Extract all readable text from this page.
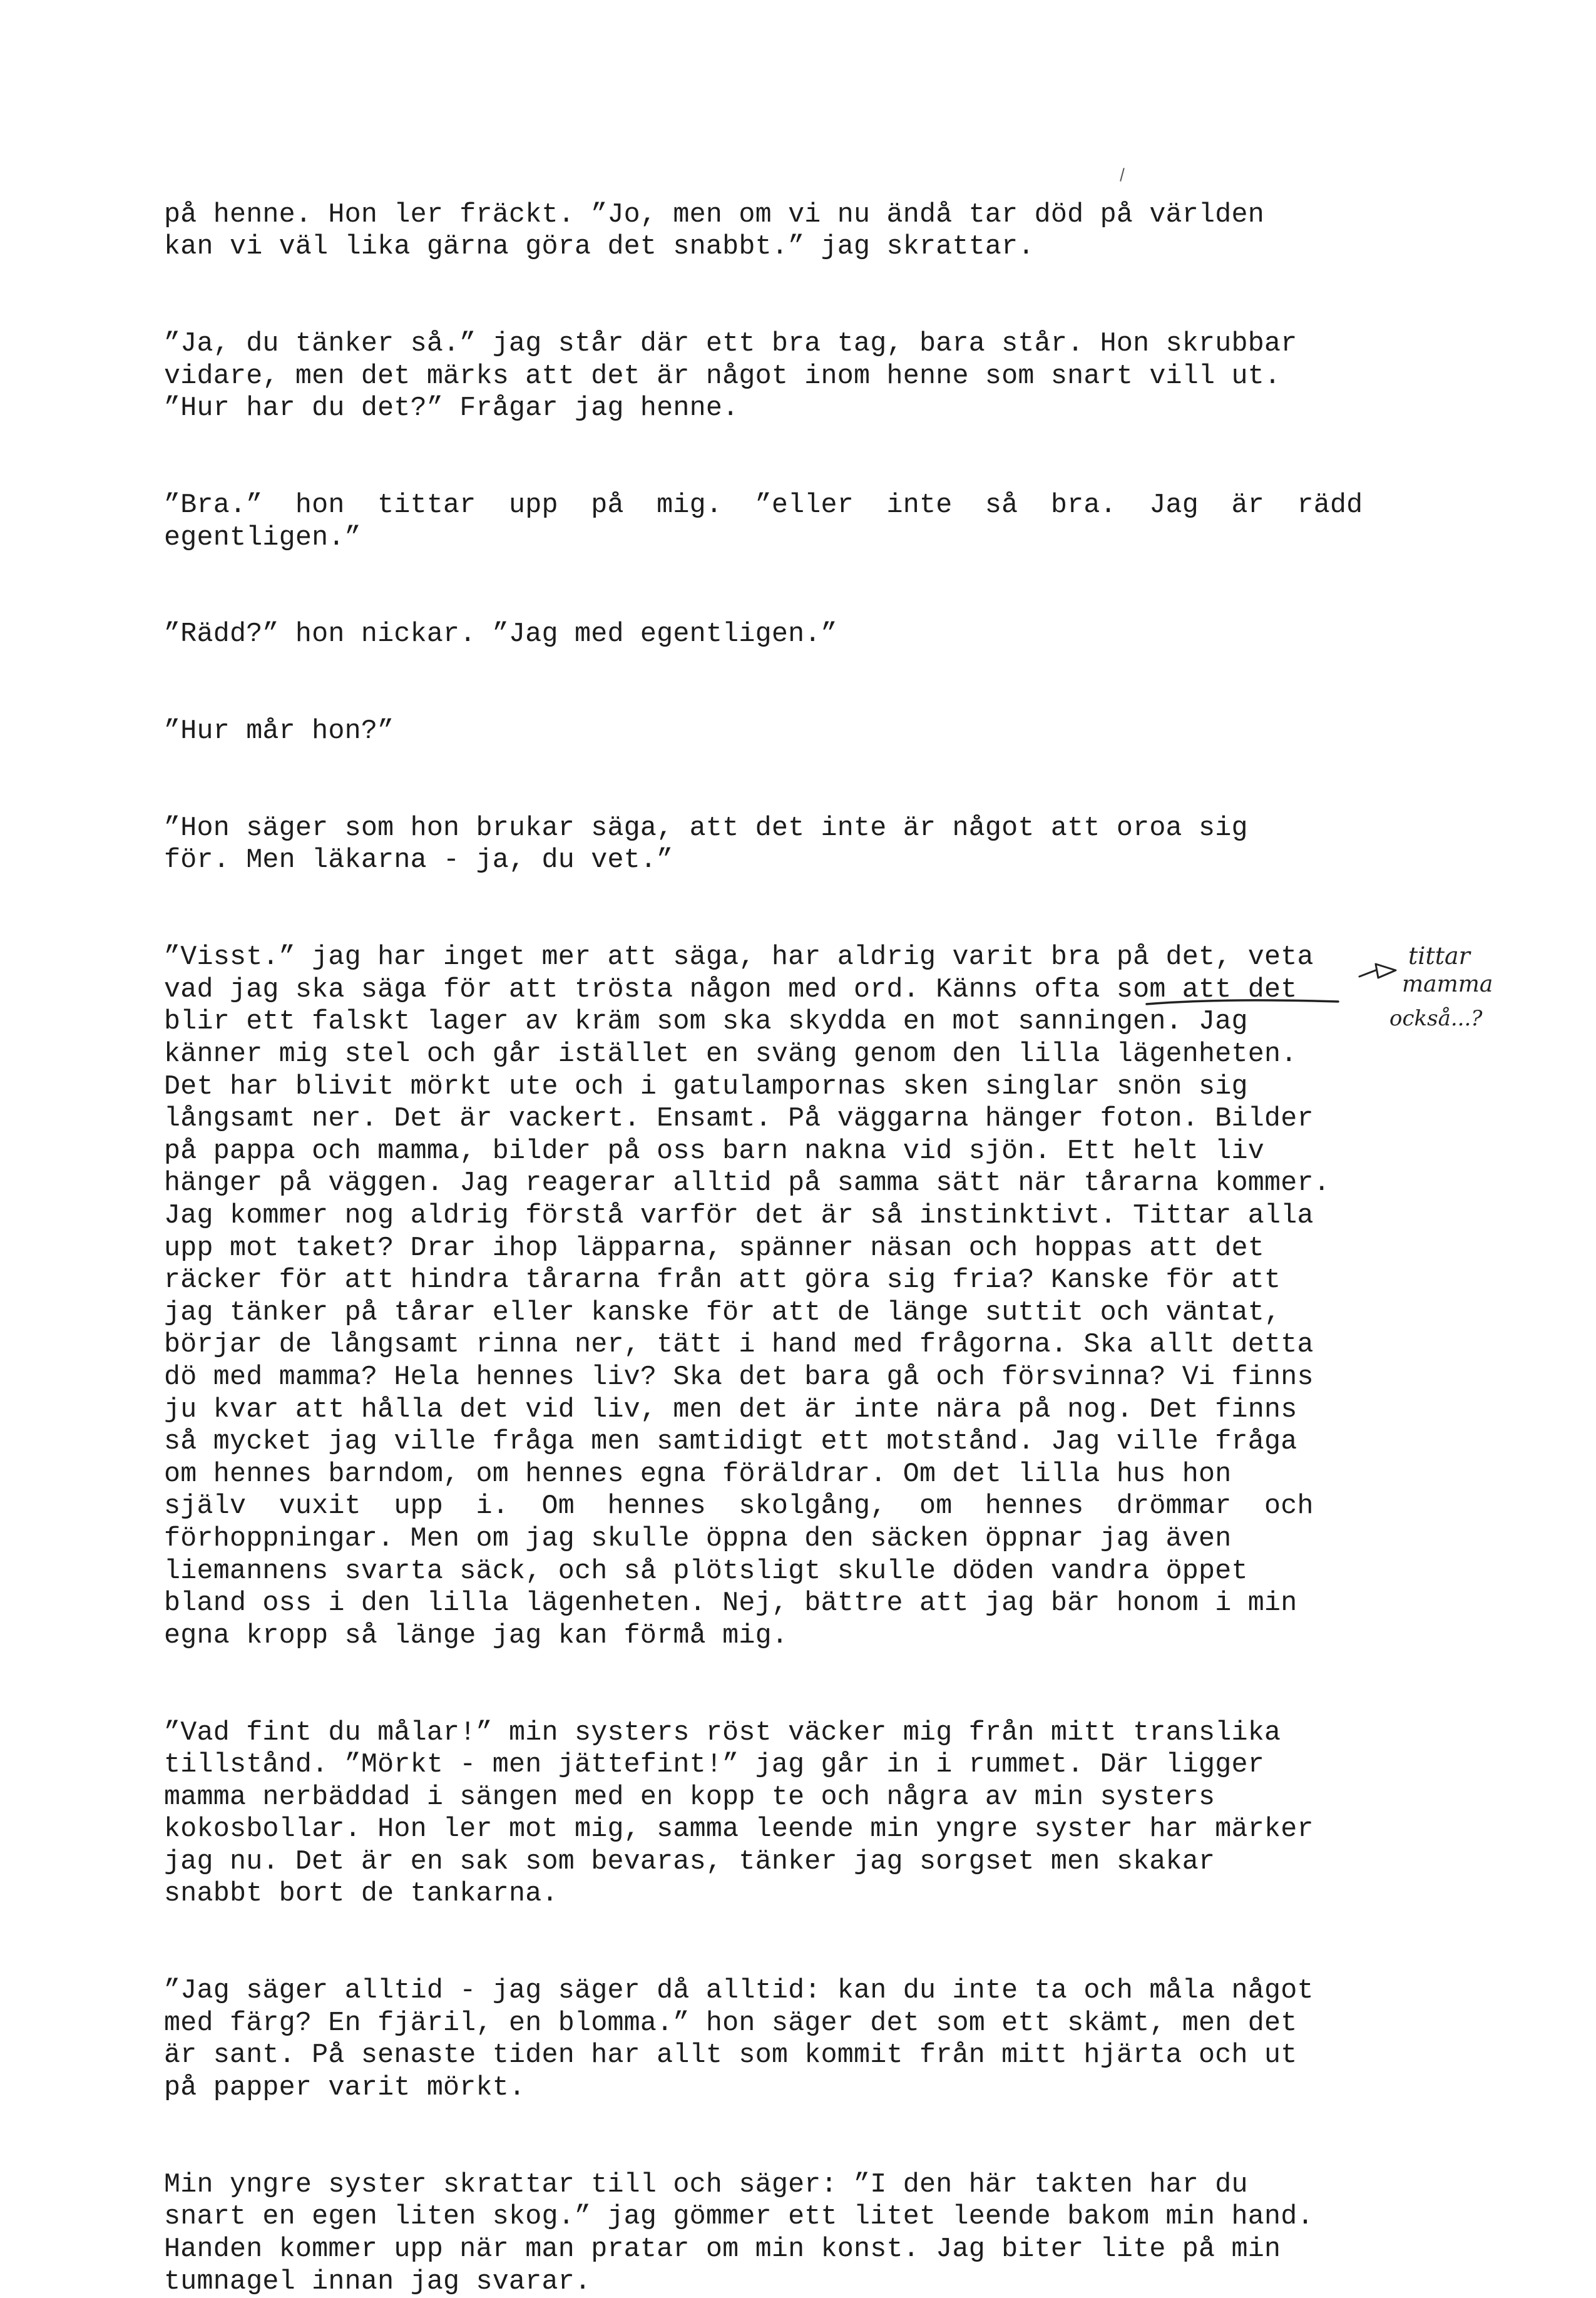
på henne. Hon ler fräckt. ”Jo, men om vi nu ändå tar död på världen
kan vi väl lika gärna göra det snabbt.” jag skrattar.

”Ja, du tänker så.” jag står där ett bra tag, bara står. Hon skrubbar
vidare, men det märks att det är något inom henne som snart vill ut.
”Hur har du det?” Frågar jag henne.

”Bra.”  hon  tittar  upp  på  mig.  ”eller  inte  så  bra.  Jag  är  rädd
egentligen.”

”Rädd?” hon nickar. ”Jag med egentligen.”

”Hur mår hon?”

”Hon säger som hon brukar säga, att det inte är något att oroa sig
för. Men läkarna - ja, du vet.”

”Visst.” jag har inget mer att säga, har aldrig varit bra på det, veta
vad jag ska säga för att trösta någon med ord. Känns ofta som att det
blir ett falskt lager av kräm som ska skydda en mot sanningen. Jag
känner mig stel och går istället en sväng genom den lilla lägenheten.
Det har blivit mörkt ute och i gatulampornas sken singlar snön sig
långsamt ner. Det är vackert. Ensamt. På väggarna hänger foton. Bilder
på pappa och mamma, bilder på oss barn nakna vid sjön. Ett helt liv
hänger på väggen. Jag reagerar alltid på samma sätt när tårarna kommer.
Jag kommer nog aldrig förstå varför det är så instinktivt. Tittar alla
upp mot taket? Drar ihop läpparna, spänner näsan och hoppas att det
räcker för att hindra tårarna från att göra sig fria? Kanske för att
jag tänker på tårar eller kanske för att de länge suttit och väntat,
börjar de långsamt rinna ner, tätt i hand med frågorna. Ska allt detta
dö med mamma? Hela hennes liv? Ska det bara gå och försvinna? Vi finns
ju kvar att hålla det vid liv, men det är inte nära på nog. Det finns
så mycket jag ville fråga men samtidigt ett motstånd. Jag ville fråga
om hennes barndom, om hennes egna föräldrar. Om det lilla hus hon
själv  vuxit  upp  i.  Om  hennes  skolgång,  om  hennes  drömmar  och
förhoppningar. Men om jag skulle öppna den säcken öppnar jag även
liemannens svarta säck, och så plötsligt skulle döden vandra öppet
bland oss i den lilla lägenheten. Nej, bättre att jag bär honom i min
egna kropp så länge jag kan förmå mig.

”Vad fint du målar!” min systers röst väcker mig från mitt translika
tillstånd. ”Mörkt - men jättefint!” jag går in i rummet. Där ligger
mamma nerbäddad i sängen med en kopp te och några av min systers
kokosbollar. Hon ler mot mig, samma leende min yngre syster har märker
jag nu. Det är en sak som bevaras, tänker jag sorgset men skakar
snabbt bort de tankarna.

”Jag säger alltid - jag säger då alltid: kan du inte ta och måla något
med färg? En fjäril, en blomma.” hon säger det som ett skämt, men det
är sant. På senaste tiden har allt som kommit från mitt hjärta och ut
på papper varit mörkt.

Min yngre syster skrattar till och säger: ”I den här takten har du
snart en egen liten skog.” jag gömmer ett litet leende bakom min hand.
Handen kommer upp när man pratar om min konst. Jag biter lite på min
tumnagel innan jag svarar.

tittar
mamma
också...?
